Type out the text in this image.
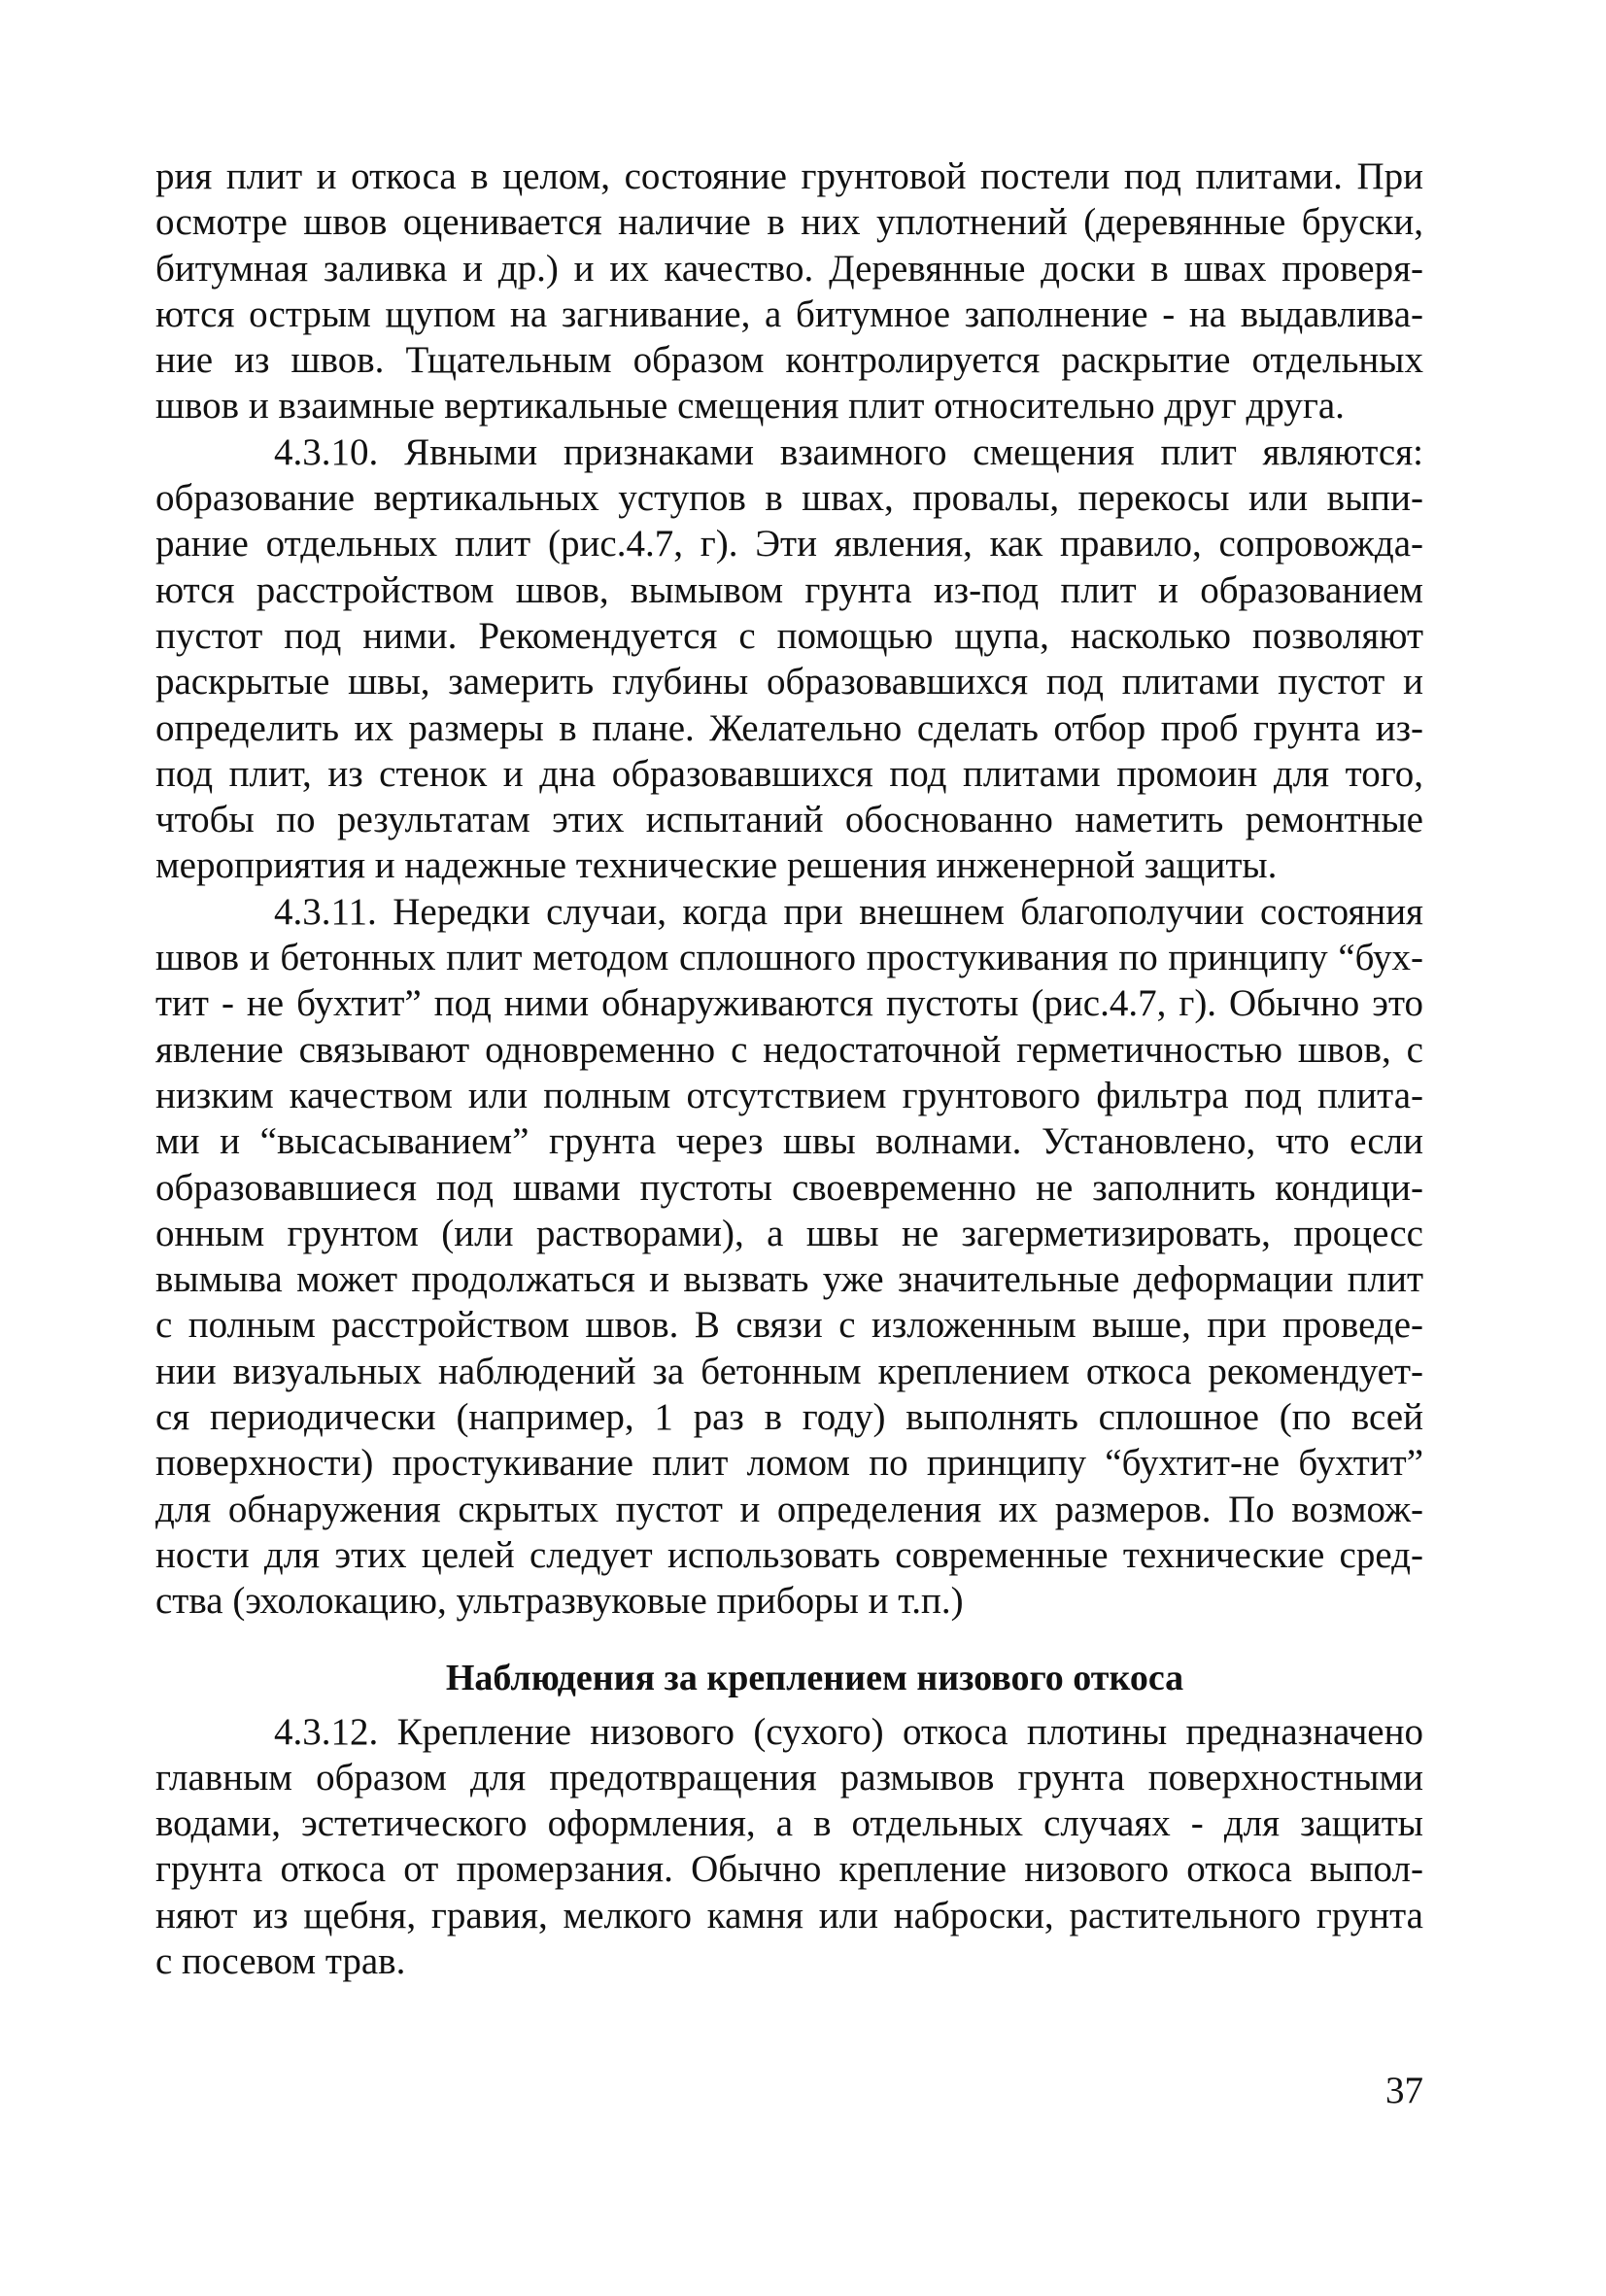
рия плит и откоса в целом, состояние грунтовой постели под плитами. При
осмотре швов оценивается наличие в них уплотнений (деревянные бруски,
битумная заливка и др.) и их качество. Деревянные доски в швах проверя-
ются острым щупом на загнивание, а битумное заполнение - на выдавлива-
ние из швов. Тщательным образом контролируется раскрытие отдельных
швов и взаимные вертикальные смещения плит относительно друг друга.
4.3.10. Явными признаками взаимного смещения плит являются:
образование вертикальных уступов в швах, провалы, перекосы или выпи-
рание отдельных плит (рис.4.7, г). Эти явления, как правило, сопровожда-
ются расстройством швов, вымывом грунта из-под плит и образованием
пустот под ними. Рекомендуется с помощью щупа, насколько позволяют
раскрытые швы, замерить глубины образовавшихся под плитами пустот и
определить их размеры в плане. Желательно сделать отбор проб грунта из-
под плит, из стенок и дна образовавшихся под плитами промоин для того,
чтобы по результатам этих испытаний обоснованно наметить ремонтные
мероприятия и надежные технические решения инженерной защиты.
4.3.11. Нередки случаи, когда при внешнем благополучии состояния
швов и бетонных плит методом сплошного простукивания по принципу “бух-
тит - не бухтит” под ними обнаруживаются пустоты (рис.4.7, г). Обычно это
явление связывают одновременно с недостаточной герметичностью швов, с
низким качеством или полным отсутствием грунтового фильтра под плита-
ми и “высасыванием” грунта через швы волнами. Установлено, что если
образовавшиеся под швами пустоты своевременно не заполнить кондици-
онным грунтом (или растворами), а швы не загерметизировать, процесс
вымыва может продолжаться и вызвать уже значительные деформации плит
с полным расстройством швов. В связи с изложенным выше, при проведе-
нии визуальных наблюдений за бетонным креплением откоса рекомендует-
ся периодически (например, 1 раз в году) выполнять сплошное (по всей
поверхности) простукивание плит ломом по принципу “бухтит-не бухтит”
для обнаружения скрытых пустот и определения их размеров. По возмож-
ности для этих целей следует использовать современные технические сред-
ства (эхолокацию, ультразвуковые приборы и т.п.)
Наблюдения за креплением низового откоса
4.3.12. Крепление низового (сухого) откоса плотины предназначено
главным образом для предотвращения размывов грунта поверхностными
водами, эстетического оформления, а в отдельных случаях - для защиты
грунта откоса от промерзания. Обычно крепление низового откоса выпол-
няют из щебня, гравия, мелкого камня или наброски, растительного грунта
с посевом трав.
37
